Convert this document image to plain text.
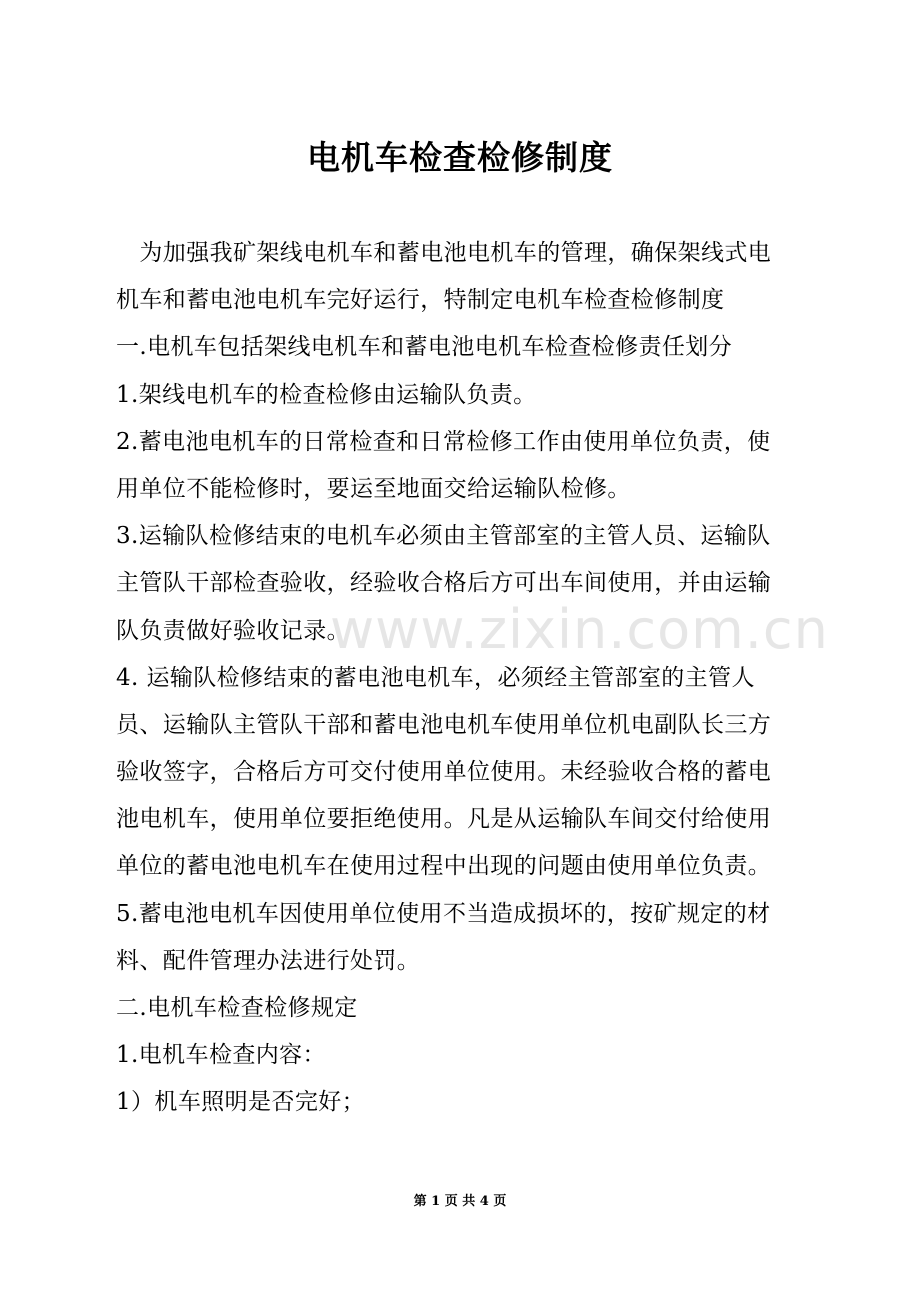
电机车检查检修制度
www.zixin.com.cn
　为加强我矿架线电机车和蓄电池电机车的管理，确保架线式电
机车和蓄电池电机车完好运行，特制定电机车检查检修制度
一.电机车包括架线电机车和蓄电池电机车检查检修责任划分
1.架线电机车的检查检修由运输队负责。
2.蓄电池电机车的日常检查和日常检修工作由使用单位负责，使
用单位不能检修时，要运至地面交给运输队检修。
3.运输队检修结束的电机车必须由主管部室的主管人员、运输队
主管队干部检查验收，经验收合格后方可出车间使用，并由运输
队负责做好验收记录。
4. 运输队检修结束的蓄电池电机车，必须经主管部室的主管人
员、运输队主管队干部和蓄电池电机车使用单位机电副队长三方
验收签字，合格后方可交付使用单位使用。未经验收合格的蓄电
池电机车，使用单位要拒绝使用。凡是从运输队车间交付给使用
单位的蓄电池电机车在使用过程中出现的问题由使用单位负责。
5.蓄电池电机车因使用单位使用不当造成损坏的，按矿规定的材
料、配件管理办法进行处罚。
二.电机车检查检修规定
1.电机车检查内容：
1）机车照明是否完好；
第 1 页 共 4 页
